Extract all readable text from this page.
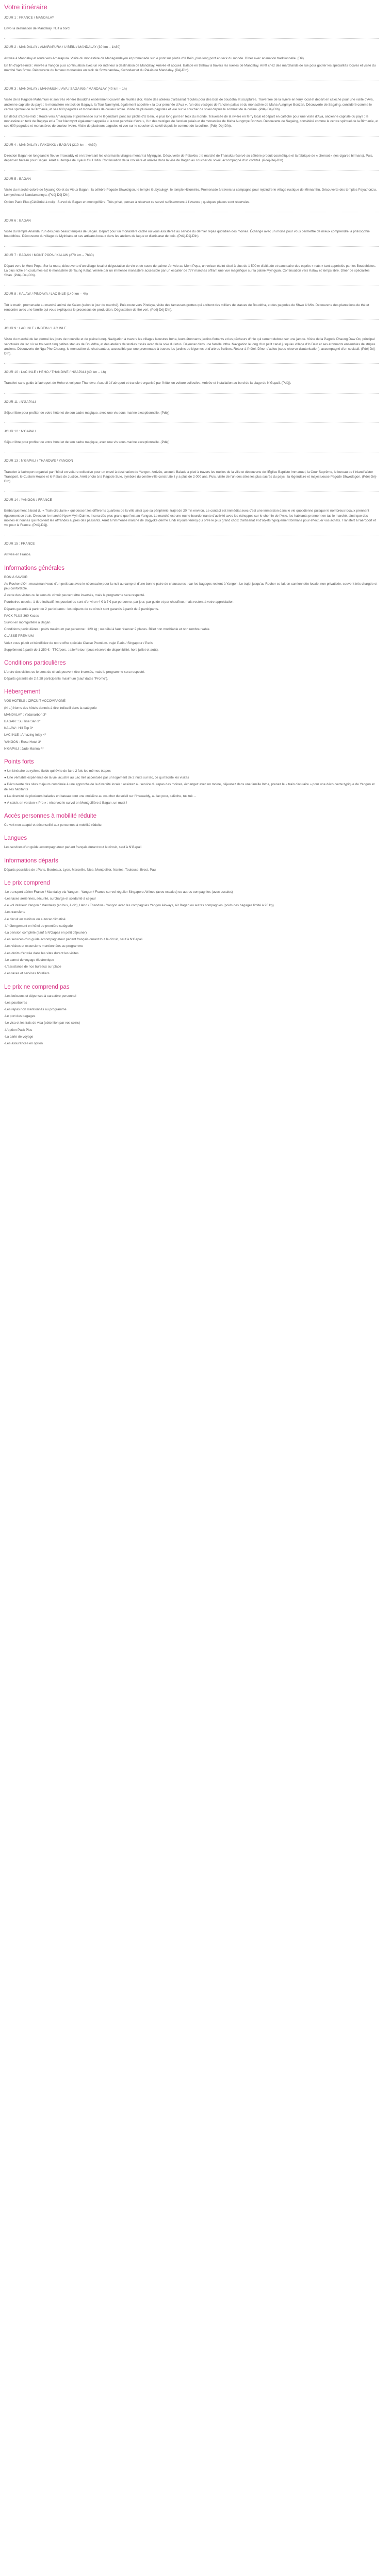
Votre itinéraire
JOUR 1 : FRANCE / MANDALAY

Envol à destination de Mandalay. Nuit à bord.

JOUR 2 : MANDALAY / AMARAPURA / U BEIN / MANDALAY (30 km – 1h30)

Arrivée à Mandalay et route vers Amarapura. Visite du monastère de Mahagandayon et promenade sur le pont sur pilotis d'U Bein, plus long pont en teck du monde. Dîner avec animation traditionnelle. (Dîl).

En fin d'après-midi : Arrivée à Yangon puis continuation avec un vol intérieur à destination de Mandalay. Arrivée et accueil. Balade en trishaw à travers les ruelles de Mandalay. Arrêt chez des marchands de rue pour goûter les spécialités locales et visite du marché Yan Shwe. Découverte du fameux monastère en teck de Shwenandaw, Kuthodaw et du Palais de Mandalay. (Déj-Dîn).

JOUR 3 : MANDALAY / MAHAMUNI / AVA / SAGAING / MANDALAY (40 km – 1h)

Visite de la Pagode Mahamuni et son très vénéré Bouddha entièrement couvert de feuilles d'or. Visite des ateliers d'artisanat réputés pour des bois de bouddha et sculptures. Traversée de la rivière en ferry local et départ en calèche pour une visite d'Ava, ancienne capitale du pays : le monastère en teck de Bagaya, la Tour Nanmyint, également appelée « la tour penchée d'Ava », l'un des vestiges de l'ancien palais et du monastère de Maha Aungmye Bonzan. Découverte de Sagaing, considéré comme le centre spirituel de la Birmanie, et ses 600 pagodes et monastères de couleur ivoire. Visite de plusieurs pagodes et vue sur le coucher de soleil depuis le sommet de la colline. (Pdéj-Déj-Dîn).

En début d'après-midi : Route vers Amarapura et promenade sur le légendaire pont sur pilotis d'U Bein, le plus long pont en teck du monde. Traversée de la rivière en ferry local et départ en calèche pour une visite d'Ava, ancienne capitale du pays : le monastère en teck de Bagaya et la Tour Nanmyint également appelée « la tour penchée d'Ava », l'un des vestiges de l'ancien palais et du monastère de Maha Aungmye Bonzan. Découverte de Sagaing, considéré comme le centre spirituel de la Birmanie, et ses 600 pagodes et monastères de couleur ivoire. Visite de plusieurs pagodes et vue sur le coucher de soleil depuis le sommet de la colline. (Pdéj-Déj-Dîn).

JOUR 4 : MANDALAY / PAKOKKU / BAGAN (210 km – 4h30)

Direction Bagan en longeant le fleuve Irrawaddy et en traversant les charmants villages menant à Myingyan. Découverte de Pakokku : le marché de Thanaka réservé au célèbre produit cosmétique et la fabrique de « cheroot » (les cigares birmans). Puis, départ en bateau pour Bagan. Arrêt au temple de Kyauk Gu U Min. Continuation de la croisière et arrivée dans la ville de Bagan au coucher du soleil, accompagné d'un cocktail. (Pdéj-Déj-Dîn).

JOUR 5 : BAGAN

Visite du marché coloré de Nyaung Oo et du Vieux Bagan : la célèbre Pagode Shwezigon, le temple Gubyaukgyi, le temple Htilominlo. Promenade à travers la campagne pour rejoindre le village rustique de Minnanthu. Découverte des temples Payathonzu, Lemyethna et Nandamannya. (Pdéj-Déj-Dîn).

Option Pack Plus (Célébrité à nuit) : Survol de Bagan en montgolfière. Très prisé, pensez à réserver ce survol suffisamment à l'avance ; quelques places sont réservées.

JOUR 6 : BAGAN

Visite du temple Ananda, l'un des plus beaux temples de Bagan. Départ pour un monastère caché où vous assisterez au service du dernier repas quotidien des moines. Échange avec un moine pour vous permettre de mieux comprendre la philosophie bouddhiste. Découverte du village de Myinkaba et ses artisans locaux dans les ateliers de laque et d'artisanat de bois. (Pdéj-Déj-Dîn).

JOUR 7 : BAGAN / MONT POPA / KALAW (270 km – 7h30)

Départ vers le Mont Popa. Sur la route, découverte d'un village local et dégustation de vin et de sucre de palme. Arrivée au Mont Popa, un volcan éteint situé à plus de 1 500 m d'altitude et sanctuaire des esprits « nats » tant appréciés par les Bouddhistes. La plus riche en coutumes est le monastère de Taung Kalat, vénéré par un immense monastère accessible par un escalier de 777 marches offrant une vue magnifique sur la plaine Myingyan. Continuation vers Kalaw et temps libre. Dîner de spécialités Shan. (Pdéj-Déj-Dîn).

JOUR 8 : KALAW / PINDAYA / LAC INLE (140 km – 4h)

Tôt le matin, promenade au marché animé de Kalaw (selon le jour du marché). Puis route vers Pindaya, visite des fameuses grottes qui abritent des milliers de statues de Bouddha, et des pagodes de Shwe U Min. Découverte des plantations de thé et rencontre avec une famille qui vous expliquera le processus de production. Dégustation de thé vert. (Pdéj-Déj-Dîn).

JOUR 9 : LAC INLE / INDEIN / LAC INLE

Visite du marché du lac (fermé les jours de nouvelle et de pleine lune). Navigation à travers les villages lacustres Intha, leurs étonnants jardins flottants et les pêcheurs d'Inle qui rament debout sur une jambe. Visite de la Pagode Phaung Daw Oo, principal sanctuaire du lac où se trouvent cinq petites statues de Bouddha, et des ateliers de textiles tissés avec de la soie du lotus. Déjeuner dans une famille Intha. Navigation le long d'un petit canal jusqu'au village d'In Dein et ses étonnants ensembles de stûpas anciens. Découverte de Nga Phe Chaung, le monastère du chat sauteur, accessible par une promenade à travers les jardins de légumes et d'arbres fruitiers. Retour à l'hôtel. Dîner d'adieu (sous réserve d'autorisation), accompagné d'un cocktail. (Pdéj-Déj-Dîn).

JOUR 10 : LAC INLE / HEHO / THANDWE / NGAPALI (40 km – 1h)

Transfert sans guide à l'aéroport de Heho et vol pour Thandwe. Accueil à l'aéroport et transfert organisé par l'hôtel en voiture collective. Arrivée et installation au bord de la plage de N'Gapali. (Pdéj).

JOUR 11 : N'GAPALI

Séjour libre pour profiter de votre hôtel et de son cadre magique, avec une vis sous-marine exceptionnelle. (Pdéj).

JOUR 12 : N'GAPALI

Séjour libre pour profiter de votre hôtel et de son cadre magique, avec une vis sous-marine exceptionnelle. (Pdéj).

JOUR 13 : N'GAPALI / THANDWE / YANGON

Transfert à l'aéroport organisé par l'hôtel en voiture collective pour un envol à destination de Yangon. Arrivée, accueil. Balade à pied à travers les ruelles de la ville et découverte de l'Église Baptiste Immanuel, la Cour Suprême, le bureau de l'Inland Water Transport, le Custom House et le Palais de Justice. Arrêt photo à la Pagode Sule, symbole du centre-ville construite il y a plus de 2 000 ans. Puis, visite de l'un des sites les plus sacrés du pays : la légendaire et majestueuse Pagode Shwedagon. (Pdéj-Déj-Dîn).

JOUR 14 : YANGON / FRANCE

Embarquement à bord du « Train circulaire » qui dessert les différents quartiers de la ville ainsi que sa périphérie, trajet de 20 mn environ. Le contact est immédiat avec c'est une immersion dans le vie quotidienne puisque le nombreux locaux prennent également ce train. Direction le marché Nyaw Myin Daime. Il sera dès plus grand que l'est au Yangon. Le marché est une ruche bourdonnante d'activité avec les échoppes sur le chemin de l'Asie, les habitants prennent en tas le marché, ainsi que des moines et nonnes qui récoltent les offrandes auprès des passants. Arrêt à l'immense marché de Bogyoke (fermé lundi et jours fériés) qui offre le plus grand choix d'artisanat et d'objets typiquement birmans pour effectuer vos achats. Transfert à l'aéroport et vol pour la France. (Pdéj-Déj).

JOUR 15 : FRANCE

Arrivée en France.

Informations générales

BON À SAVOIR

Au Rocher d'Or : musulmani vous d'un petit sac avec le nécessaire pour la nuit au camp et d'une bonne paire de chaussures ; car les bagages restent à Yangon. Le trajet jusqu'au Rocher se fait en camionnette locale, non privatisée, souvent très chargée et peu confortable.

À cette des visites ou le sens du circuit peuvent être inversés, mais le programme sera respecté.

Pourboires usuels : à titre indicatif, les pourboires sont d'environ 4 € à 7 € par personne, par jour, par guide et par chauffeur, mais restent à votre appréciation.

Départs garantis à partir de 2 participants : les départs de ce circuit sont garantis à partir de 2 participants.

PACK PLUS 360 Kozes

Survol en montgolfière à Bagan

Conditions particulières : poids maximum par personne : 120 kg ; ou délai à faut réserver 2 places. Billet non modifiable et non remboursable.

CLASSE PREMIUM

Volez vous plutôt et bénéficiez de notre offre spéciale Classe Premium. trajet Paris / Singapour / Paris

Supplément à partir de 1 250 € - TTC/pers. ; aller/retour (sous réserve de disponibilité, hors juillet et août).

Conditions particulières

L'ordre des visites ou le sens du circuit peuvent être inversés, mais le programme sera respecté.

Départs garantis de 2 à 28 participants maximum (sauf dates "Promo").

Hébergement

VOS HOTELS : CIRCUIT ACCOMPAGNÉ

(N.L.) Noms des hôtels donnés à titre indicatif dans la catégorie

MANDALAY : Yadanarbon 3*

BAGAN : Su Tine San 3*

KALAW : Hill Top 3*

LAC INLE : Amazing Inlay 4*

YANGON : Rose Hotel 3*

N'GAPALI : Jade Marina 4*

Points forts

● Un itinéraire au rythme fluide qui évite de faire 2 fois les mêmes étapes

● Une véritable expérience de la vie lacustre au Lac Inlé accentuée par un logement de 2 nuits sur lac, ce qui facilite les visites

● Découverte des sites majeurs combinée à une approche de la diversité locale : assistez au service du repas des moines, échangez avec un moine, déjeunez dans une famille Intha, prenez le « train circulaire » pour une découverte typique de Yangon et de ses habitants

● La diversité de plusieurs balades en bateau dont une croisière au coucher du soleil sur l'Irrawaddy, au lac pour, calèche, tuk tuk ...

● À saisir, en version « Pro » : réservez le survol en Montgolfière à Bagan, un must !

Accès personnes à mobilité réduite

Ce voit non adapté et déconseillé aux personnes à mobilité réduite.

Langues

Les services d'un guide accompagnateur parlant français durant tout le circuit, sauf à N'Gapali

Informations départs

Départs possibles de : Paris, Bordeaux, Lyon, Marseille, Nice, Montpellier, Nantes, Toulouse, Brest, Pau

Le prix comprend

-Le transport aérien France / Mandalay via Yangon - Yangon / France sur vol régulier Singapore Airlines (avec escales) ou autres compagnies (avec escales)

-Les taxes aériennes, sécurité, surcharge et solidarité à ce jour

-Le vol intérieur Yangon / Mandalay (en bus, à cic), Heho / Thandwe / Yangon avec les compagnies Yangon Airways, Air Bagan ou autres compagnies (poids des bagages limité à 20 kg)

-Les transferts

-Le circuit en minibus ou autocar climatisé

-L'hébergement en hôtel de première catégorie

-La pension complète (sauf à N'Gapali en petit déjeuner)

-Les services d'un guide accompagnateur parlant français durant tout le circuit, sauf à N'Gapali

-Les visites et excursions mentionnées au programme

-Les droits d'entrée dans les sites durant les visites

-Le carnet de voyage électronique

-L'assistance de nos bureaux sur place

-Les taxes et services hôteliers

Le prix ne comprend pas

-Les boissons et dépenses à caractère personnel

-Les pourboires

-Les repas non mentionnés au programme

-Le port des bagages

-Le visa et les frais de visa (obtention par vos soins)

-L'option Pack Plus

-La carte de voyage

-Les assurances en option
